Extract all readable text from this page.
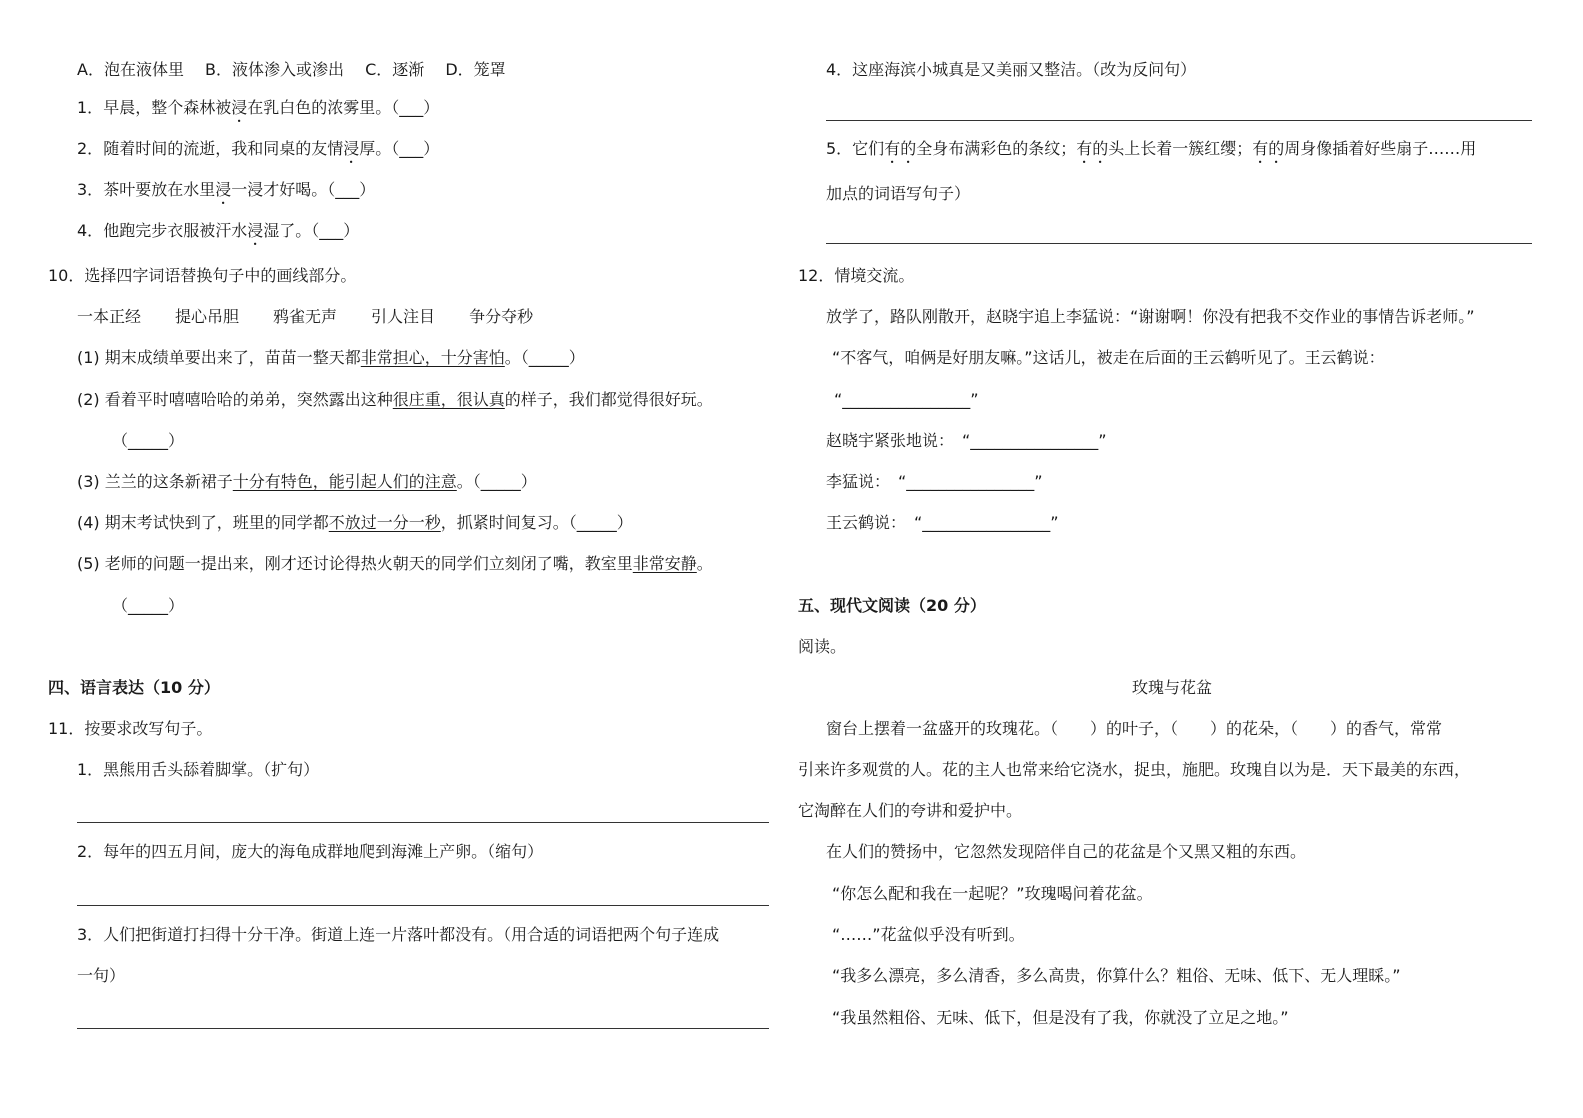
A．泡在液体里　 B．液体渗入或渗出　 C．逐渐　 D．笼罩
1．早晨，整个森林被浸在乳白色的浓雾里。（___）
2．随着时间的流逝，我和同桌的友情浸厚。（___）
3．茶叶要放在水里浸一浸才好喝。（___）
4．他跑完步衣服被汗水浸湿了。（___）
10．选择四字词语替换句子中的画线部分。
一本正经 提心吊胆 鸦雀无声 引人注目 争分夺秒
(1) 期末成绩单要出来了，苗苗一整天都非常担心，十分害怕。（_____）
(2) 看着平时嘻嘻哈哈的弟弟，突然露出这种很庄重，很认真的样子，我们都觉得很好玩。
（_____）
(3) 兰兰的这条新裙子十分有特色，能引起人们的注意。（_____）
(4) 期末考试快到了，班里的同学都不放过一分一秒，抓紧时间复习。（_____）
(5) 老师的问题一提出来，刚才还讨论得热火朝天的同学们立刻闭了嘴，教室里非常安静。
（_____）
四、语言表达（10 分）
11．按要求改写句子。
1．黑熊用舌头舔着脚掌。（扩句）
2．每年的四五月间，庞大的海龟成群地爬到海滩上产卵。（缩句）
3．人们把街道打扫得十分干净。街道上连一片落叶都没有。（用合适的词语把两个句子连成
一句）
4．这座海滨小城真是又美丽又整洁。（改为反问句）
5．它们有的全身布满彩色的条纹；有的头上长着一簇红缨；有的周身像插着好些扇子……用
加点的词语写句子）
12．情境交流。
放学了，路队刚散开，赵晓宇追上李猛说：“谢谢啊！你没有把我不交作业的事情告诉老师。”
“不客气，咱俩是好朋友嘛。”这话儿，被走在后面的王云鹤听见了。王云鹤说：
“________________”
赵晓宇紧张地说： “________________”
李猛说： “________________”
王云鹤说： “________________”
五、现代文阅读（20 分）
阅读。
玫瑰与花盆
窗台上摆着一盆盛开的玫瑰花。（　　）的叶子，（　　）的花朵，（　　）的香气，常常
引来许多观赏的人。花的主人也常来给它浇水，捉虫，施肥。玫瑰自以为是．天下最美的东西，
它淘醉在人们的夸讲和爱护中。
在人们的赞扬中，它忽然发现陪伴自己的花盆是个又黑又粗的东西。
“你怎么配和我在一起呢？”玫瑰喝问着花盆。
“……”花盆似乎没有听到。
“我多么漂亮，多么清香，多么高贵，你算什么？粗俗、无味、低下、无人理睬。”
“我虽然粗俗、无味、低下，但是没有了我，你就没了立足之地。”
